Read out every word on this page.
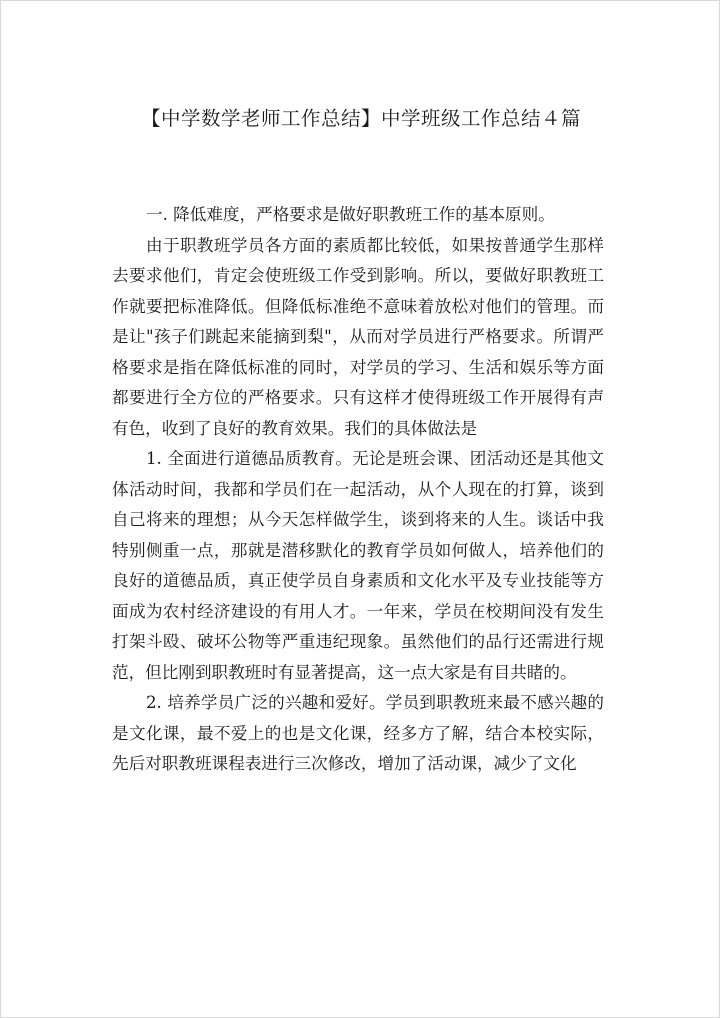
【中学数学老师工作总结】中学班级工作总结４篇
一. 降低难度，严格要求是做好职教班工作的基本原则。
由于职教班学员各方面的素质都比较低，如果按普通学生那样
去要求他们，肯定会使班级工作受到影响。所以，要做好职教班工
作就要把标准降低。但降低标准绝不意味着放松对他们的管理。而
是让"孩子们跳起来能摘到梨"，从而对学员进行严格要求。所谓严
格要求是指在降低标准的同时，对学员的学习、生活和娱乐等方面
都要进行全方位的严格要求。只有这样才使得班级工作开展得有声
有色，收到了良好的教育效果。我们的具体做法是
1. 全面进行道德品质教育。无论是班会课、团活动还是其他文
体活动时间，我都和学员们在一起活动，从个人现在的打算，谈到
自己将来的理想；从今天怎样做学生，谈到将来的人生。谈话中我
特别侧重一点，那就是潜移默化的教育学员如何做人，培养他们的
良好的道德品质，真正使学员自身素质和文化水平及专业技能等方
面成为农村经济建设的有用人才。一年来，学员在校期间没有发生
打架斗殴、破坏公物等严重违纪现象。虽然他们的品行还需进行规
范，但比刚到职教班时有显著提高，这一点大家是有目共睹的。
2. 培养学员广泛的兴趣和爱好。学员到职教班来最不感兴趣的
是文化课，最不爱上的也是文化课，经多方了解，结合本校实际，
先后对职教班课程表进行三次修改，增加了活动课，减少了文化
